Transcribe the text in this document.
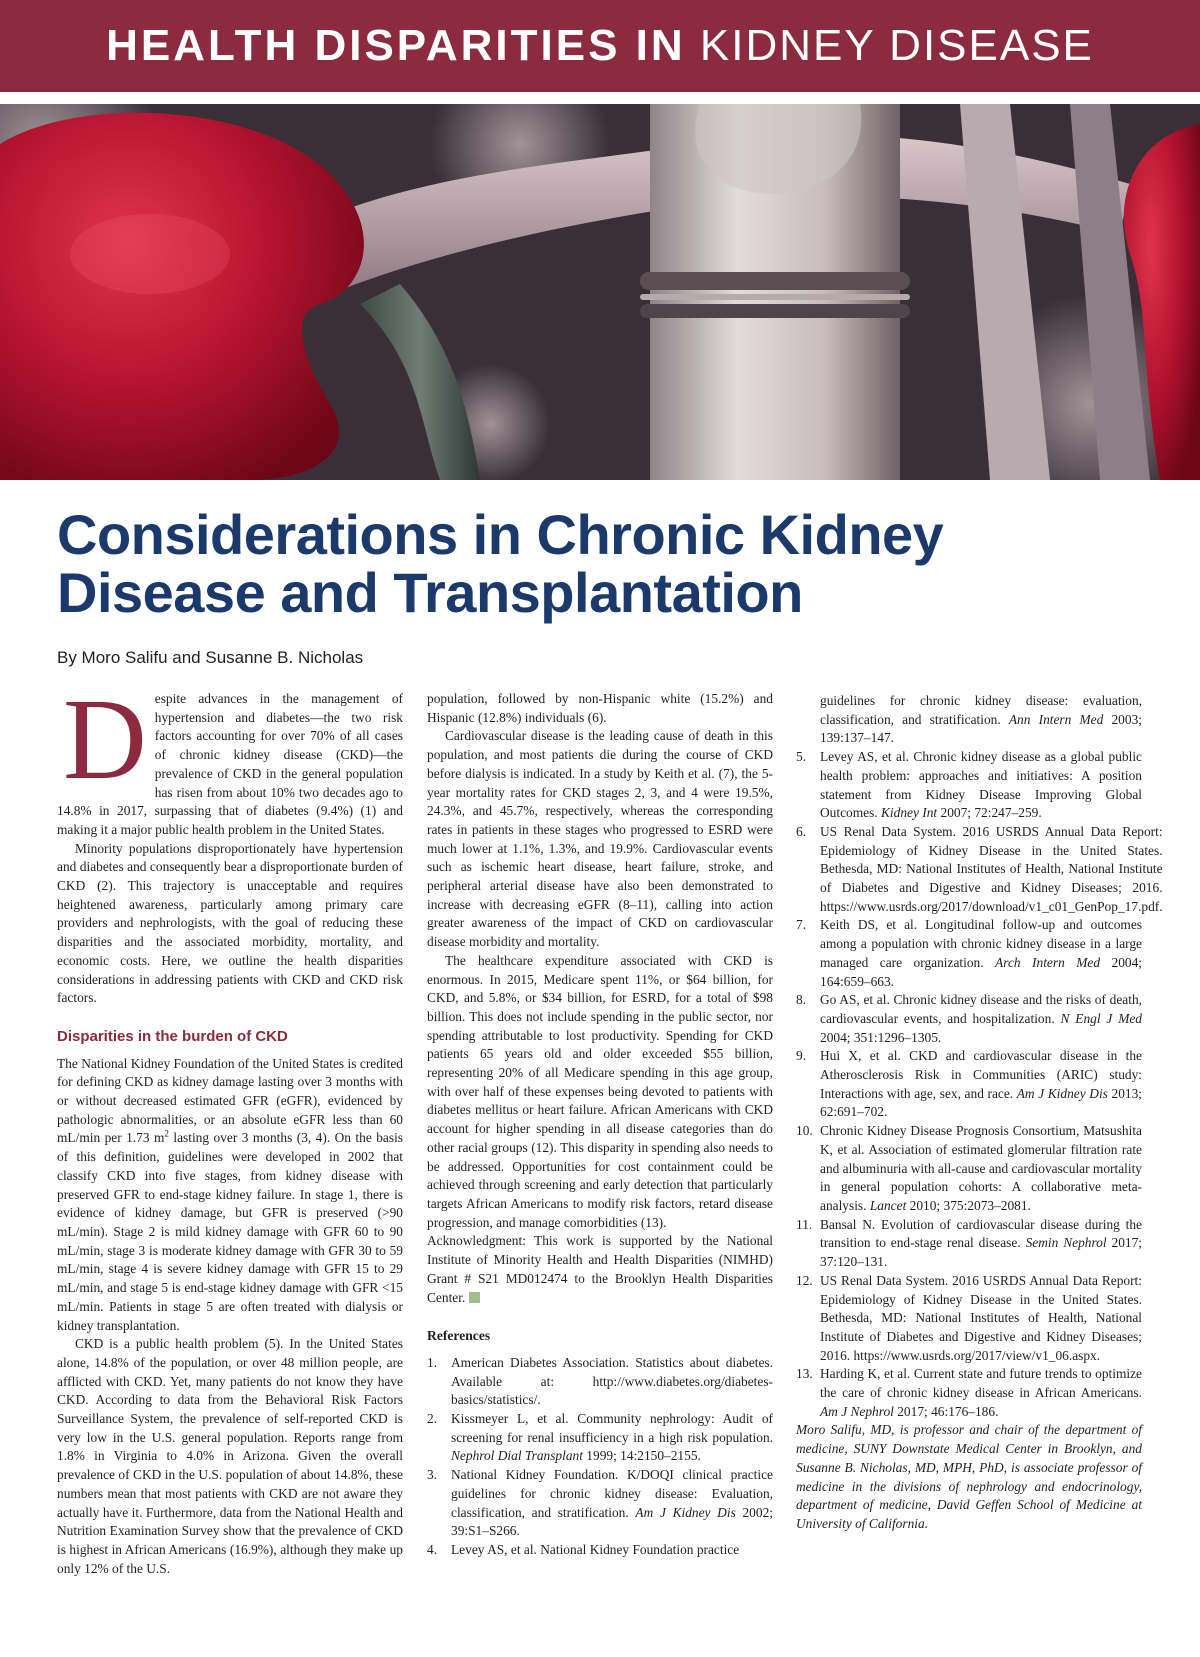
HEALTH DISPARITIES IN KIDNEY DISEASE
Considerations in Chronic Kidney
Disease and Transplantation
By Moro Salifu and Susanne B. Nicholas

Despite advances in the management of hypertension and diabetes—the two risk factors accounting for over 70% of all cases of chronic kidney disease (CKD)—the prevalence of CKD in the general population has risen from about 10% two decades ago to 14.8% in 2017, surpassing that of diabetes (9.4%) (1) and making it a major public health problem in the United States.

Minority populations disproportionately have hypertension and diabetes and consequently bear a disproportionate burden of CKD (2). This trajectory is unacceptable and requires heightened awareness, particularly among primary care providers and nephrologists, with the goal of reducing these disparities and the associated morbidity, mortality, and economic costs. Here, we outline the health disparities considerations in addressing patients with CKD and CKD risk factors.

Disparities in the burden of CKD

The National Kidney Foundation of the United States is credited for defining CKD as kidney damage lasting over 3 months with or without decreased estimated GFR (eGFR), evidenced by pathologic abnormalities, or an absolute eGFR less than 60 mL/min per 1.73 $m^2$ lasting over 3 months (3, 4). On the basis of this definition, guidelines were developed in 2002 that classify CKD into five stages, from kidney disease with preserved GFR to end-stage kidney failure. In stage 1, there is evidence of kidney damage, but GFR is preserved (>90 mL/min). Stage 2 is mild kidney damage with GFR 60 to 90 mL/min, stage 3 is moderate kidney damage with GFR 30 to 59 mL/min, stage 4 is severe kidney damage with GFR 15 to 29 mL/min, and stage 5 is end-stage kidney damage with GFR <15 mL/min. Patients in stage 5 are often treated with dialysis or kidney transplantation.

CKD is a public health problem (5). In the United States alone, 14.8% of the population, or over 48 million people, are afflicted with CKD. Yet, many patients do not know they have CKD. According to data from the Behavioral Risk Factors Surveillance System, the prevalence of self-reported CKD is very low in the U.S. general population. Reports range from 1.8% in Virginia to 4.0% in Arizona. Given the overall prevalence of CKD in the U.S. population of about 14.8%, these numbers mean that most patients with CKD are not aware they actually have it. Furthermore, data from the National Health and Nutrition Examination Survey show that the prevalence of CKD is highest in African Americans (16.9%), although they make up only 12% of the U.S.

population, followed by non-Hispanic white (15.2%) and Hispanic (12.8%) individuals (6).

Cardiovascular disease is the leading cause of death in this population, and most patients die during the course of CKD before dialysis is indicated. In a study by Keith et al. (7), the 5-year mortality rates for CKD stages 2, 3, and 4 were 19.5%, 24.3%, and 45.7%, respectively, whereas the corresponding rates in patients in these stages who progressed to ESRD were much lower at 1.1%, 1.3%, and 19.9%. Cardiovascular events such as ischemic heart disease, heart failure, stroke, and peripheral arterial disease have also been demonstrated to increase with decreasing eGFR (8–11), calling into action greater awareness of the impact of CKD on cardiovascular disease morbidity and mortality.

The healthcare expenditure associated with CKD is enormous. In 2015, Medicare spent 11%, or $64 billion, for CKD, and 5.8%, or $34 billion, for ESRD, for a total of $98 billion. This does not include spending in the public sector, nor spending attributable to lost productivity. Spending for CKD patients 65 years old and older exceeded $55 billion, representing 20% of all Medicare spending in this age group, with over half of these expenses being devoted to patients with diabetes mellitus or heart failure. African Americans with CKD account for higher spending in all disease categories than do other racial groups (12). This disparity in spending also needs to be addressed. Opportunities for cost containment could be achieved through screening and early detection that particularly targets African Americans to modify risk factors, retard disease progression, and manage comorbidities (13).

Acknowledgment: This work is supported by the National Institute of Minority Health and Health Disparities (NIMHD) Grant # S21 MD012474 to the Brooklyn Health Disparities Center.

References
1.	American Diabetes Association. Statistics about diabetes. Available at: http://www.diabetes.org/diabetes-basics/statistics/.
2.	Kissmeyer L, et al. Community nephrology: Audit of screening for renal insufficiency in a high risk population. Nephrol Dial Transplant 1999; 14:2150–2155.
3.	National Kidney Foundation. K/DOQI clinical practice guidelines for chronic kidney disease: Evaluation, classification, and stratification. Am J Kidney Dis 2002; 39:S1–S266.
4.	Levey AS, et al. National Kidney Foundation practice
guidelines for chronic kidney disease: evaluation, classification, and stratification. Ann Intern Med 2003; 139:137–147.
5.	Levey AS, et al. Chronic kidney disease as a global public health problem: approaches and initiatives: A position statement from Kidney Disease Improving Global Outcomes. Kidney Int 2007; 72:247–259.
6.	US Renal Data System. 2016 USRDS Annual Data Report: Epidemiology of Kidney Disease in the United States. Bethesda, MD: National Institutes of Health, National Institute of Diabetes and Digestive and Kidney Diseases; 2016. https://www.usrds.org/2017/download/v1_c01_GenPop_17.pdf.
7.	Keith DS, et al. Longitudinal follow-up and outcomes among a population with chronic kidney disease in a large managed care organization. Arch Intern Med 2004; 164:659–663.
8.	Go AS, et al. Chronic kidney disease and the risks of death, cardiovascular events, and hospitalization. N Engl J Med 2004; 351:1296–1305.
9.	Hui X, et al. CKD and cardiovascular disease in the Atherosclerosis Risk in Communities (ARIC) study: Interactions with age, sex, and race. Am J Kidney Dis 2013; 62:691–702.
10. Chronic Kidney Disease Prognosis Consortium, Matsushita K, et al. Association of estimated glomerular filtration rate and albuminuria with all-cause and cardiovascular mortality in general population cohorts: A collaborative meta-analysis. Lancet 2010; 375:2073–2081.
11. Bansal N. Evolution of cardiovascular disease during the transition to end-stage renal disease. Semin Nephrol 2017; 37:120–131.
12. US Renal Data System. 2016 USRDS Annual Data Report: Epidemiology of Kidney Disease in the United States. Bethesda, MD: National Institutes of Health, National Institute of Diabetes and Digestive and Kidney Diseases; 2016. https://www.usrds.org/2017/view/v1_06.aspx.
13. Harding K, et al. Current state and future trends to optimize the care of chronic kidney disease in African Americans. Am J Nephrol 2017; 46:176–186.

Moro Salifu, MD, is professor and chair of the department of medicine, SUNY Downstate Medical Center in Brooklyn, and Susanne B. Nicholas, MD, MPH, PhD, is associate professor of medicine in the divisions of nephrology and endocrinology, department of medicine, David Geffen School of Medicine at University of California.
